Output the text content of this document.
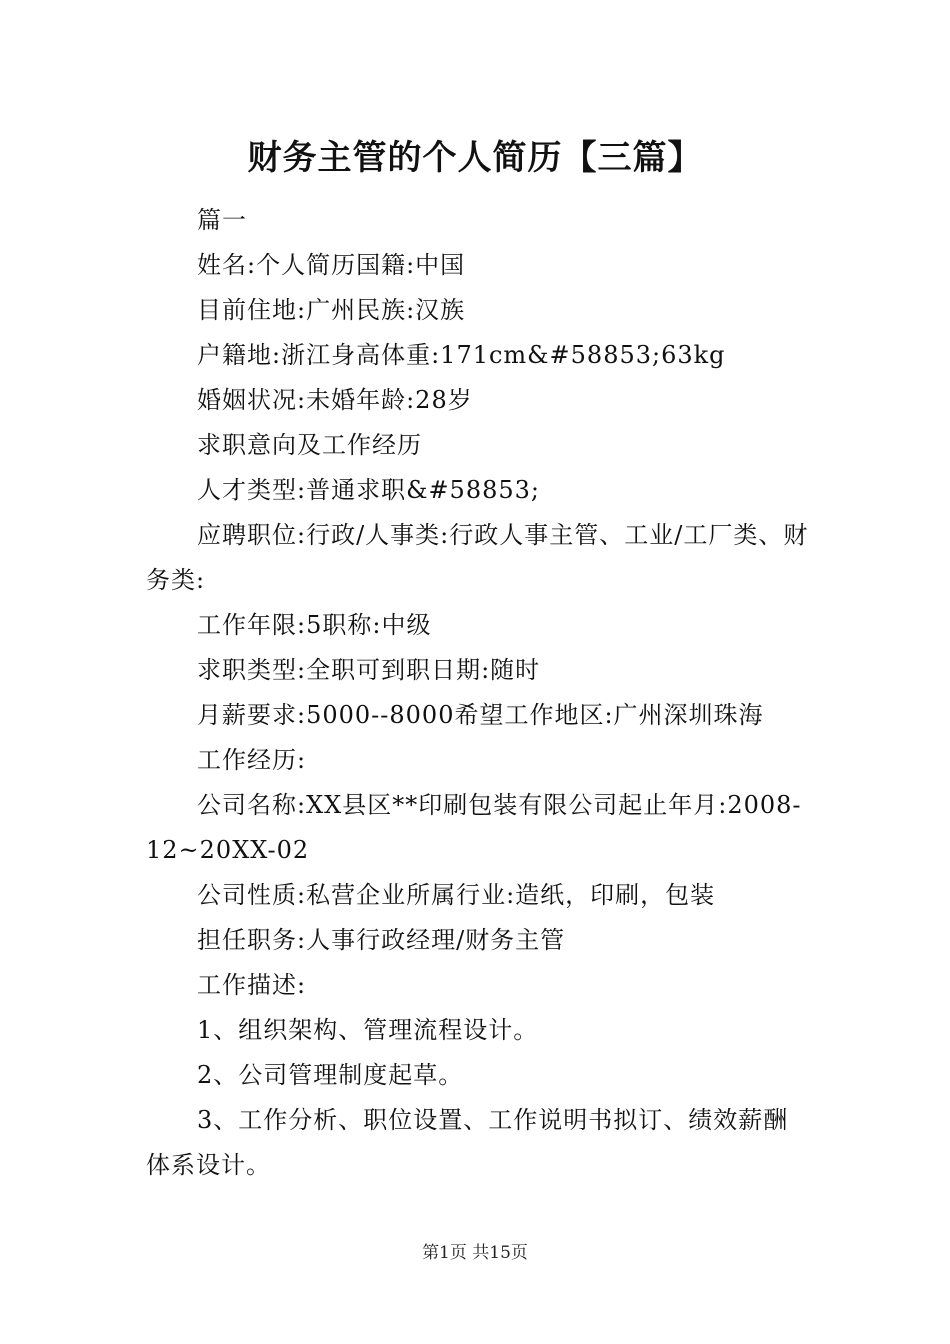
财务主管的个人简历【三篇】

篇一

姓名:个人简历国籍:中国

目前住地:广州民族:汉族

户籍地:浙江身高体重:171cm&#58853;63kg

婚姻状况:未婚年龄:28岁

求职意向及工作经历

人才类型:普通求职&#58853;

应聘职位:行政/人事类:行政人事主管、工业/工厂类、财务类:

工作年限:5职称:中级

求职类型:全职可到职日期:随时

月薪要求:5000--8000希望工作地区:广州深圳珠海

工作经历:

公司名称:XX县区**印刷包装有限公司起止年月:2008-12~20XX-02

公司性质:私营企业所属行业:造纸，印刷，包装

担任职务:人事行政经理/财务主管

工作描述:

1、组织架构、管理流程设计。

2、公司管理制度起草。

3、工作分析、职位设置、工作说明书拟订、绩效薪酬体系设计。

第1页 共15页
